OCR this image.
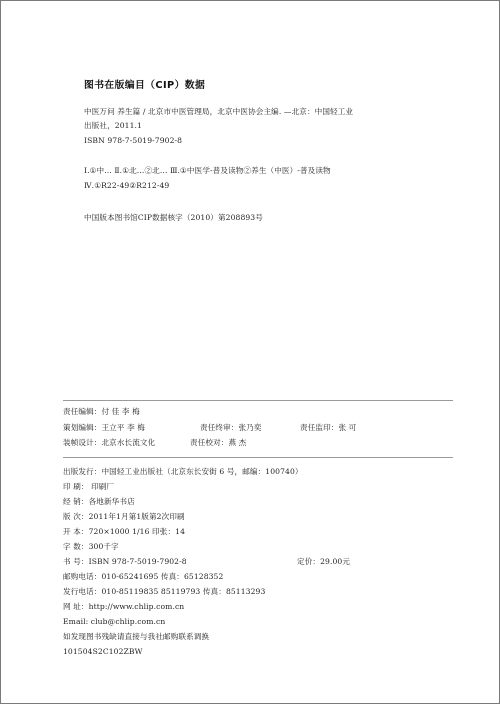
图书在版编目（CIP）数据
中医万问 养生篇 / 北京市中医管理局，北京中医协会主编. —北京：中国轻工业
出版社，2011.1
ISBN 978-7-5019-7902-8
Ⅰ.①中… Ⅱ.①北…②北… Ⅲ.①中医学-普及读物②养生（中医）-普及读物
Ⅳ.①R22-49②R212-49
中国版本图书馆CIP数据核字（2010）第208893号
责任编辑：付 佳 李 梅
策划编辑：王立平 李 梅	责任终审：张乃奕	责任监印：张 可
装帧设计：北京水长流文化	责任校对：燕 杰
出版发行：中国轻工业出版社（北京东长安街 6 号，邮编：100740）
印 刷： 印刷厂
经 销：各地新华书店
版 次：2011年1月第1版第2次印刷
开 本：720×1000 1/16 印张：14
字 数：300千字
书 号：ISBN 978-7-5019-7902-8	定价：29.00元
邮购电话：010-65241695 传真：65128352
发行电话：010-85119835 85119793 传真：85113293
网 址：http://www.chlip.com.cn
Email: club@chlip.com.cn
如发现图书残缺请直接与我社邮购联系调换
101504S2C102ZBW
